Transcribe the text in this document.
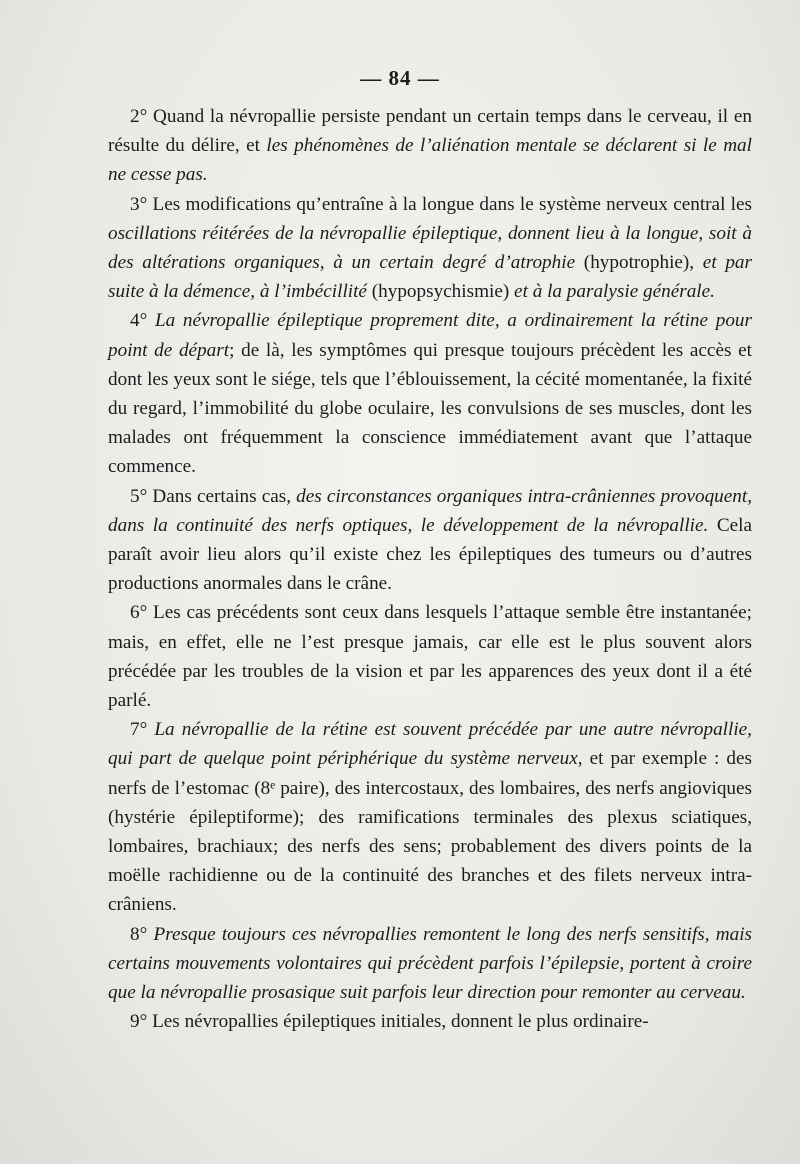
— 84 —

2° Quand la névropallie persiste pendant un certain temps dans le cerveau, il en résulte du délire, et les phénomènes de l’aliénation mentale se déclarent si le mal ne cesse pas.

3° Les modifications qu’entraîne à la longue dans le système nerveux central les oscillations réitérées de la névropallie épileptique, donnent lieu à la longue, soit à des altérations organiques, à un certain degré d’atrophie (hypotrophie), et par suite à la démence, à l’imbécillité (hypopsychismie) et à la paralysie générale.

4° La névropallie épileptique proprement dite, a ordinairement la rétine pour point de départ; de là, les symptômes qui presque toujours précèdent les accès et dont les yeux sont le siége, tels que l’éblouissement, la cécité momentanée, la fixité du regard, l’immobilité du globe oculaire, les convulsions de ses muscles, dont les malades ont fréquemment la conscience immédiatement avant que l’attaque commence.

5° Dans certains cas, des circonstances organiques intra-crâniennes provoquent, dans la continuité des nerfs optiques, le développement de la névropallie. Cela paraît avoir lieu alors qu’il existe chez les épileptiques des tumeurs ou d’autres productions anormales dans le crâne.

6° Les cas précédents sont ceux dans lesquels l’attaque semble être instantanée; mais, en effet, elle ne l’est presque jamais, car elle est le plus souvent alors précédée par les troubles de la vision et par les apparences des yeux dont il a été parlé.

7° La névropallie de la rétine est souvent précédée par une autre névropallie, qui part de quelque point périphérique du système nerveux, et par exemple : des nerfs de l’estomac (8ᵉ paire), des intercostaux, des lombaires, des nerfs angioviques (hystérie épileptiforme); des ramifications terminales des plexus sciatiques, lombaires, brachiaux; des nerfs des sens; probablement des divers points de la moëlle rachidienne ou de la continuité des branches et des filets nerveux intra-crâniens.

8° Presque toujours ces névropallies remontent le long des nerfs sensitifs, mais certains mouvements volontaires qui précèdent parfois l’épilepsie, portent à croire que la névropallie prosasique suit parfois leur direction pour remonter au cerveau.

9° Les névropallies épileptiques initiales, donnent le plus ordinaire-
